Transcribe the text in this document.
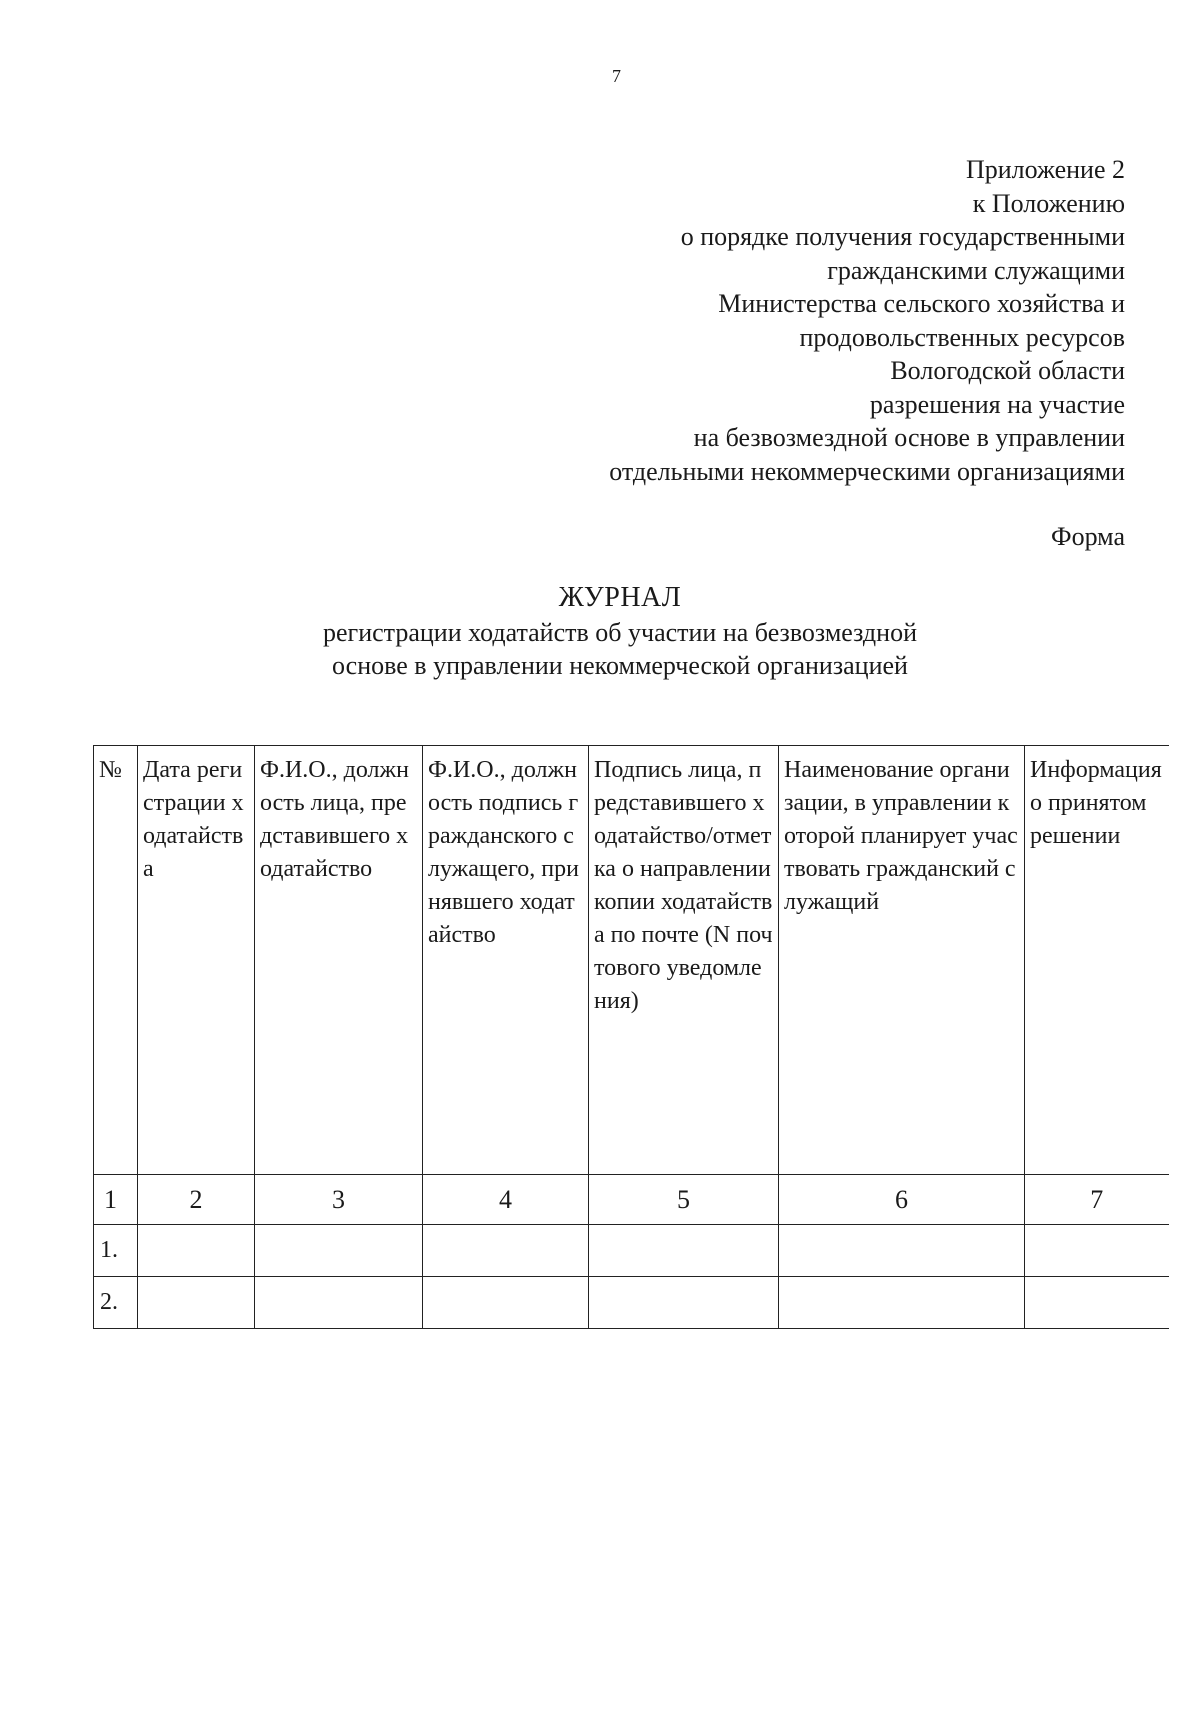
7
Приложение 2
к Положению
о порядке получения государственными
гражданскими служащими
Министерства сельского хозяйства и
продовольственных ресурсов
Вологодской области
разрешения на участие
на безвозмездной основе в управлении
отдельными некоммерческими организациями
Форма
ЖУРНАЛ
регистрации ходатайств об участии на безвозмездной
основе в управлении некоммерческой организацией
№	Дата регистрации ходатайства	Ф.И.О., должность лица, представившего ходатайство	Ф.И.О., должность подпись гражданского служащего, принявшего ходатайство	Подпись лица, представившего ходатайство/отметка о направлении копии ходатайства по почте (N почтового уведомления)	Наименование организации, в управлении которой планирует участвовать гражданский служащий	Информация о принятом решении
1	2	3	4	5	6	7
1.						
2.						
